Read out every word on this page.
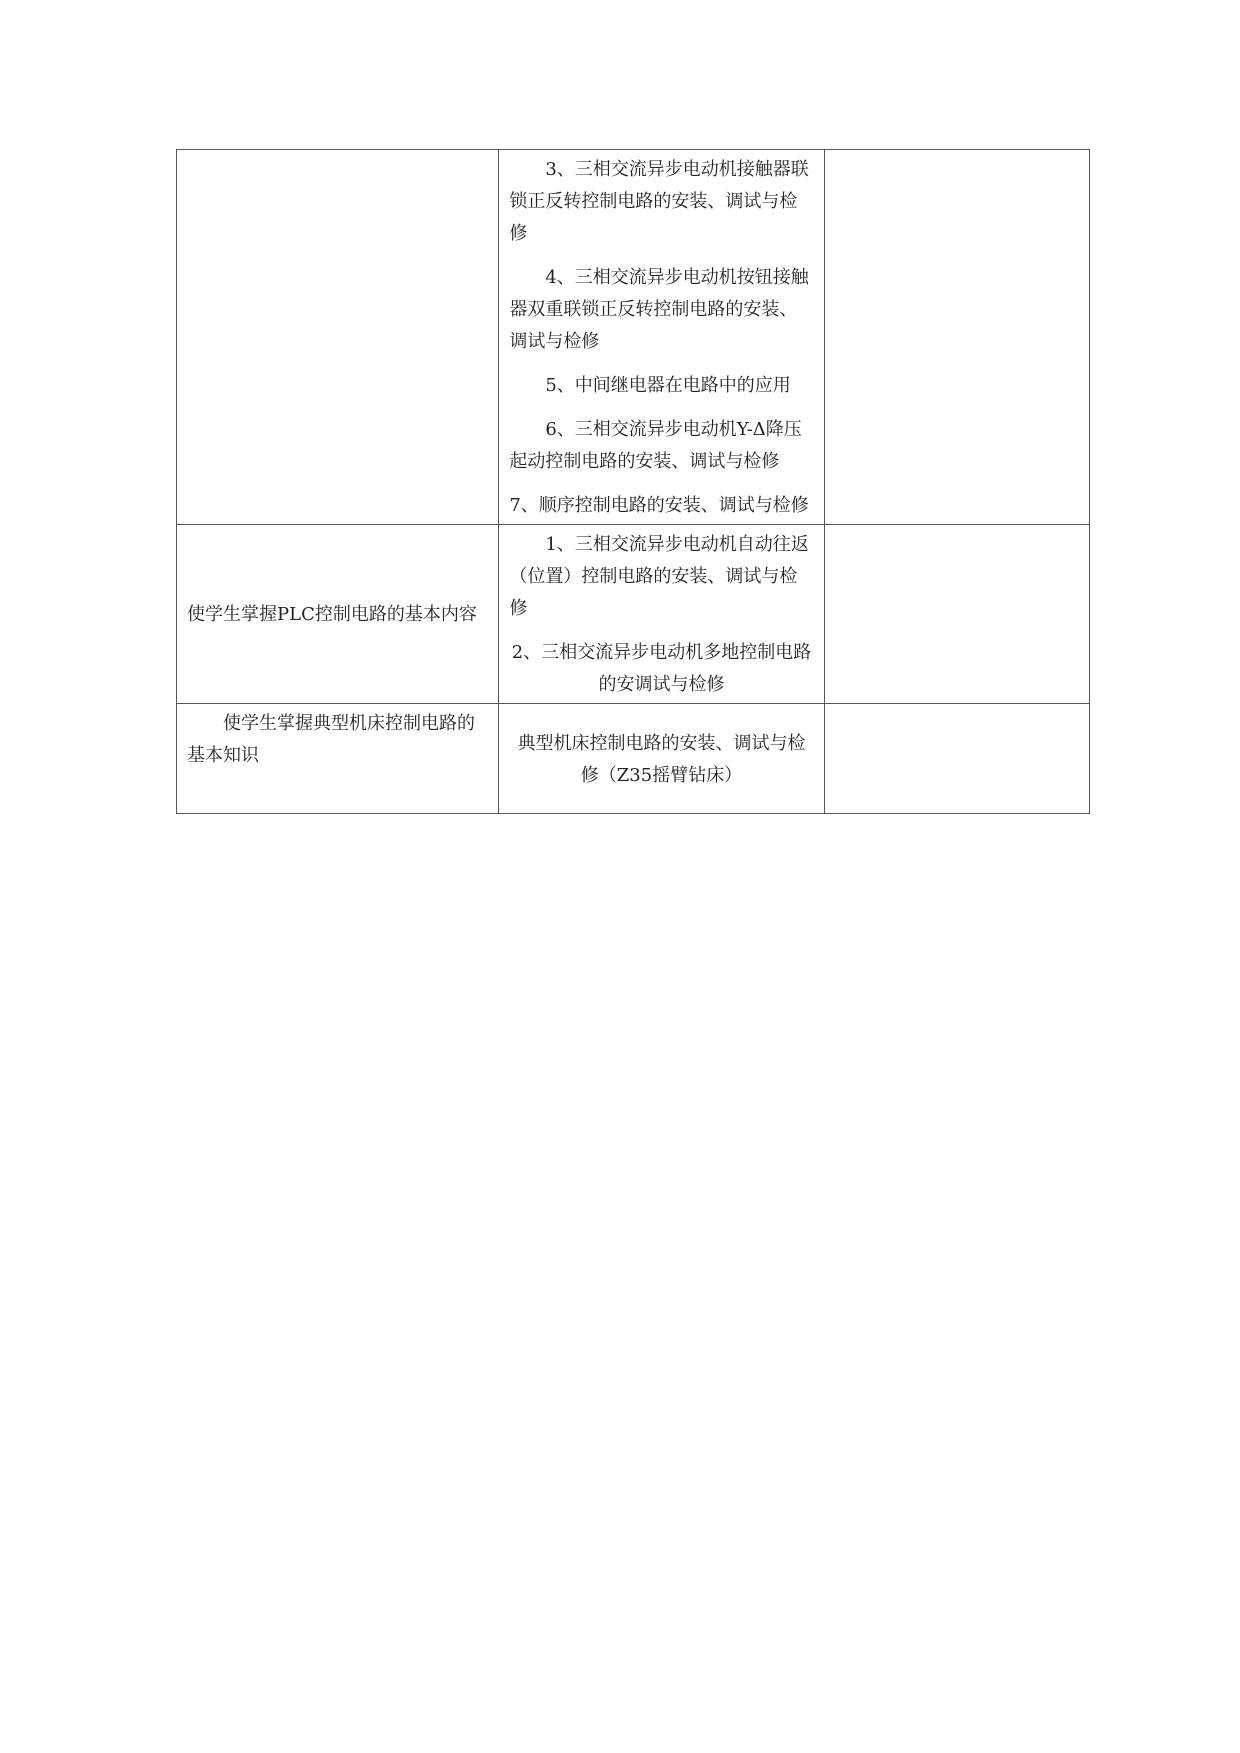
	3、三相交流异步电动机接触器联锁正反转控制电路的安装、调试与检修

4、三相交流异步电动机按钮接触器双重联锁正反转控制电路的安装、调试与检修

5、中间继电器在电路中的应用

6、三相交流异步电动机Y-Δ降压起动控制电路的安装、调试与检修

7、顺序控制电路的安装、调试与检修	

使学生掌握PLC控制电路的基本内容	1、三相交流异步电动机自动往返（位置）控制电路的安装、调试与检修

2、三相交流异步电动机多地控制电路的安调试与检修	

使学生掌握典型机床控制电路的基本知识	典型机床控制电路的安装、调试与检修（Z35摇臂钻床）	
